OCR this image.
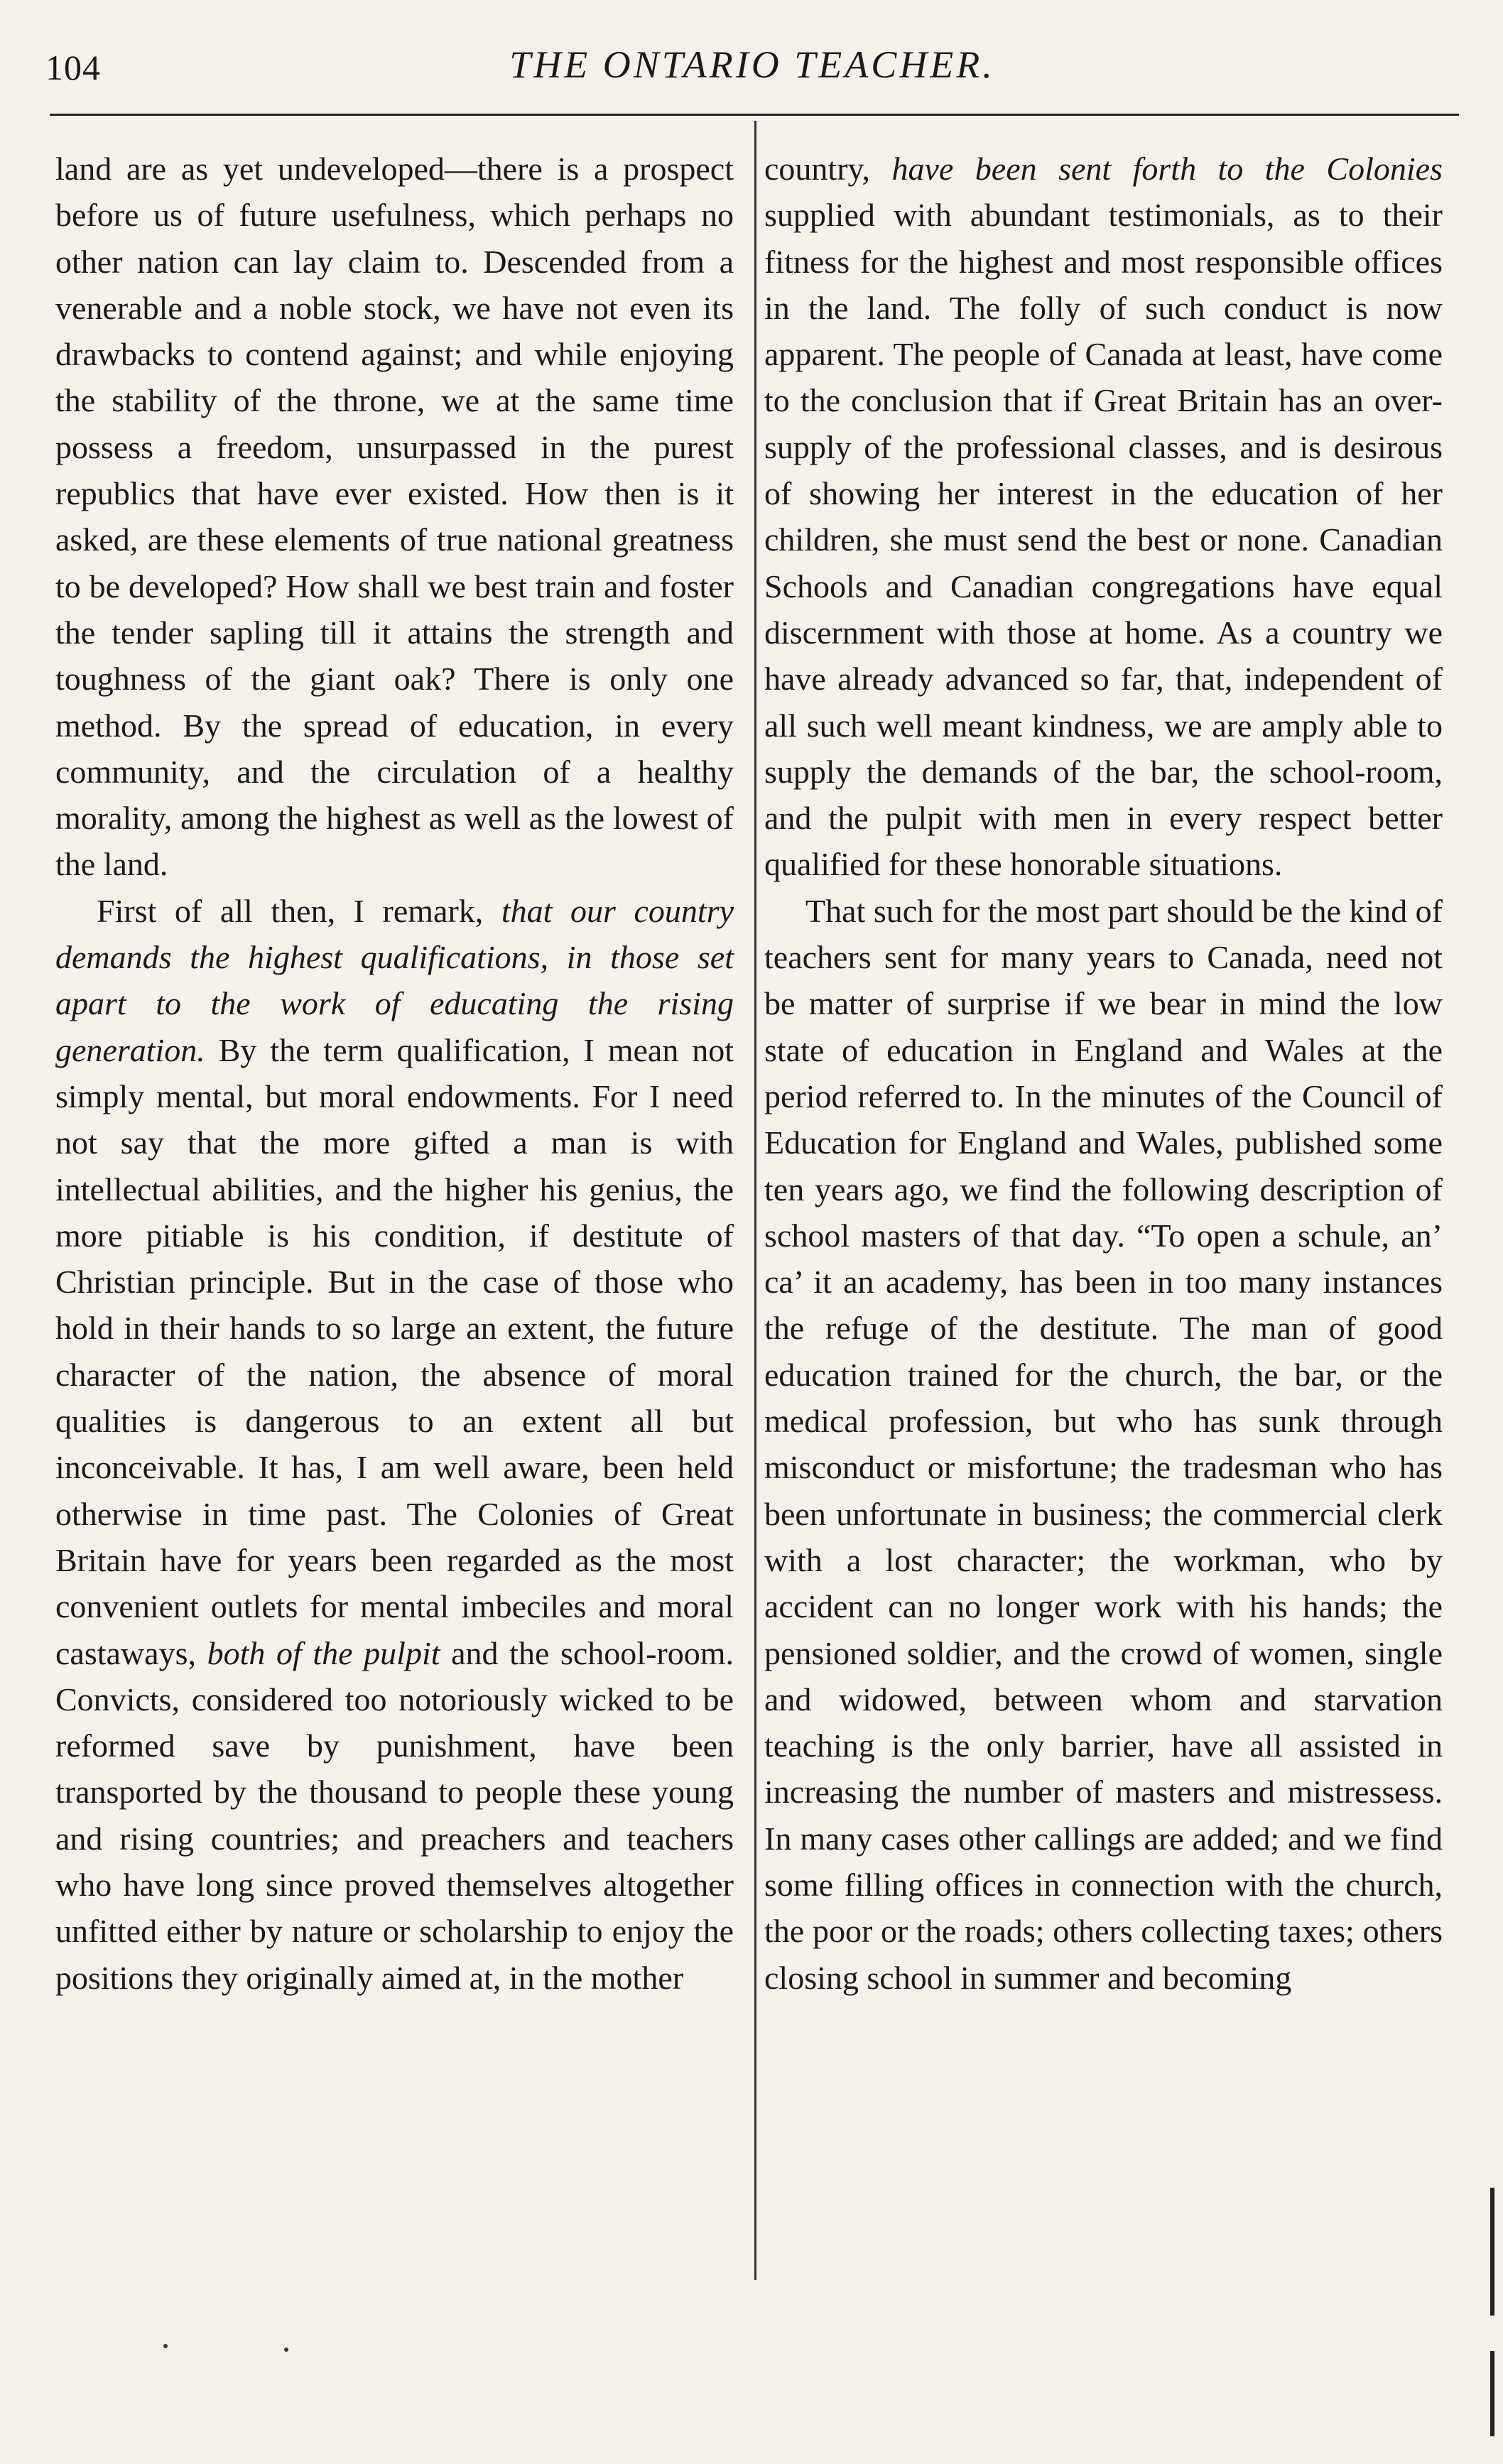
104	THE ONTARIO TEACHER.

land are as yet undeveloped—there is a prospect before us of future usefulness, which perhaps no other nation can lay claim to. Descended from a venerable and a noble stock, we have not even its drawbacks to contend against; and while enjoying the stability of the throne, we at the same time possess a freedom, unsurpassed in the purest republics that have ever existed. How then is it asked, are these elements of true national greatness to be developed? How shall we best train and foster the tender sapling till it attains the strength and toughness of the giant oak? There is only one method. By the spread of education, in every community, and the circulation of a healthy morality, among the highest as well as the lowest of the land.

First of all then, I remark, that our country demands the highest qualifications, in those set apart to the work of educating the rising generation. By the term qualification, I mean not simply mental, but moral endowments. For I need not say that the more gifted a man is with intellectual abilities, and the higher his genius, the more pitiable is his condition, if destitute of Christian principle. But in the case of those who hold in their hands to so large an extent, the future character of the nation, the absence of moral qualities is dangerous to an extent all but inconceivable. It has, I am well aware, been held otherwise in time past. The Colonies of Great Britain have for years been regarded as the most convenient outlets for mental imbeciles and moral castaways, both of the pulpit and the school-room. Convicts, considered too notoriously wicked to be reformed save by punishment, have been transported by the thousand to people these young and rising countries; and preachers and teachers who have long since proved themselves altogether unfitted either by nature or scholarship to enjoy the positions they originally aimed at, in the mother

country, have been sent forth to the Colonies supplied with abundant testimonials, as to their fitness for the highest and most responsible offices in the land. The folly of such conduct is now apparent. The people of Canada at least, have come to the conclusion that if Great Britain has an over-supply of the professional classes, and is desirous of showing her interest in the education of her children, she must send the best or none. Canadian Schools and Canadian congregations have equal discernment with those at home. As a country we have already advanced so far, that, independent of all such well meant kindness, we are amply able to supply the demands of the bar, the school-room, and the pulpit with men in every respect better qualified for these honorable situations.

That such for the most part should be the kind of teachers sent for many years to Canada, need not be matter of surprise if we bear in mind the low state of education in England and Wales at the period referred to. In the minutes of the Council of Education for England and Wales, published some ten years ago, we find the following description of school masters of that day. “To open a schule, an’ ca’ it an academy, has been in too many instances the refuge of the destitute. The man of good education trained for the church, the bar, or the medical profession, but who has sunk through misconduct or misfortune; the tradesman who has been unfortunate in business; the commercial clerk with a lost character; the workman, who by accident can no longer work with his hands; the pensioned soldier, and the crowd of women, single and widowed, between whom and starvation teaching is the only barrier, have all assisted in increasing the number of masters and mistressess. In many cases other callings are added; and we find some filling offices in connection with the church, the poor or the roads; others collecting taxes; others closing school in summer and becoming
